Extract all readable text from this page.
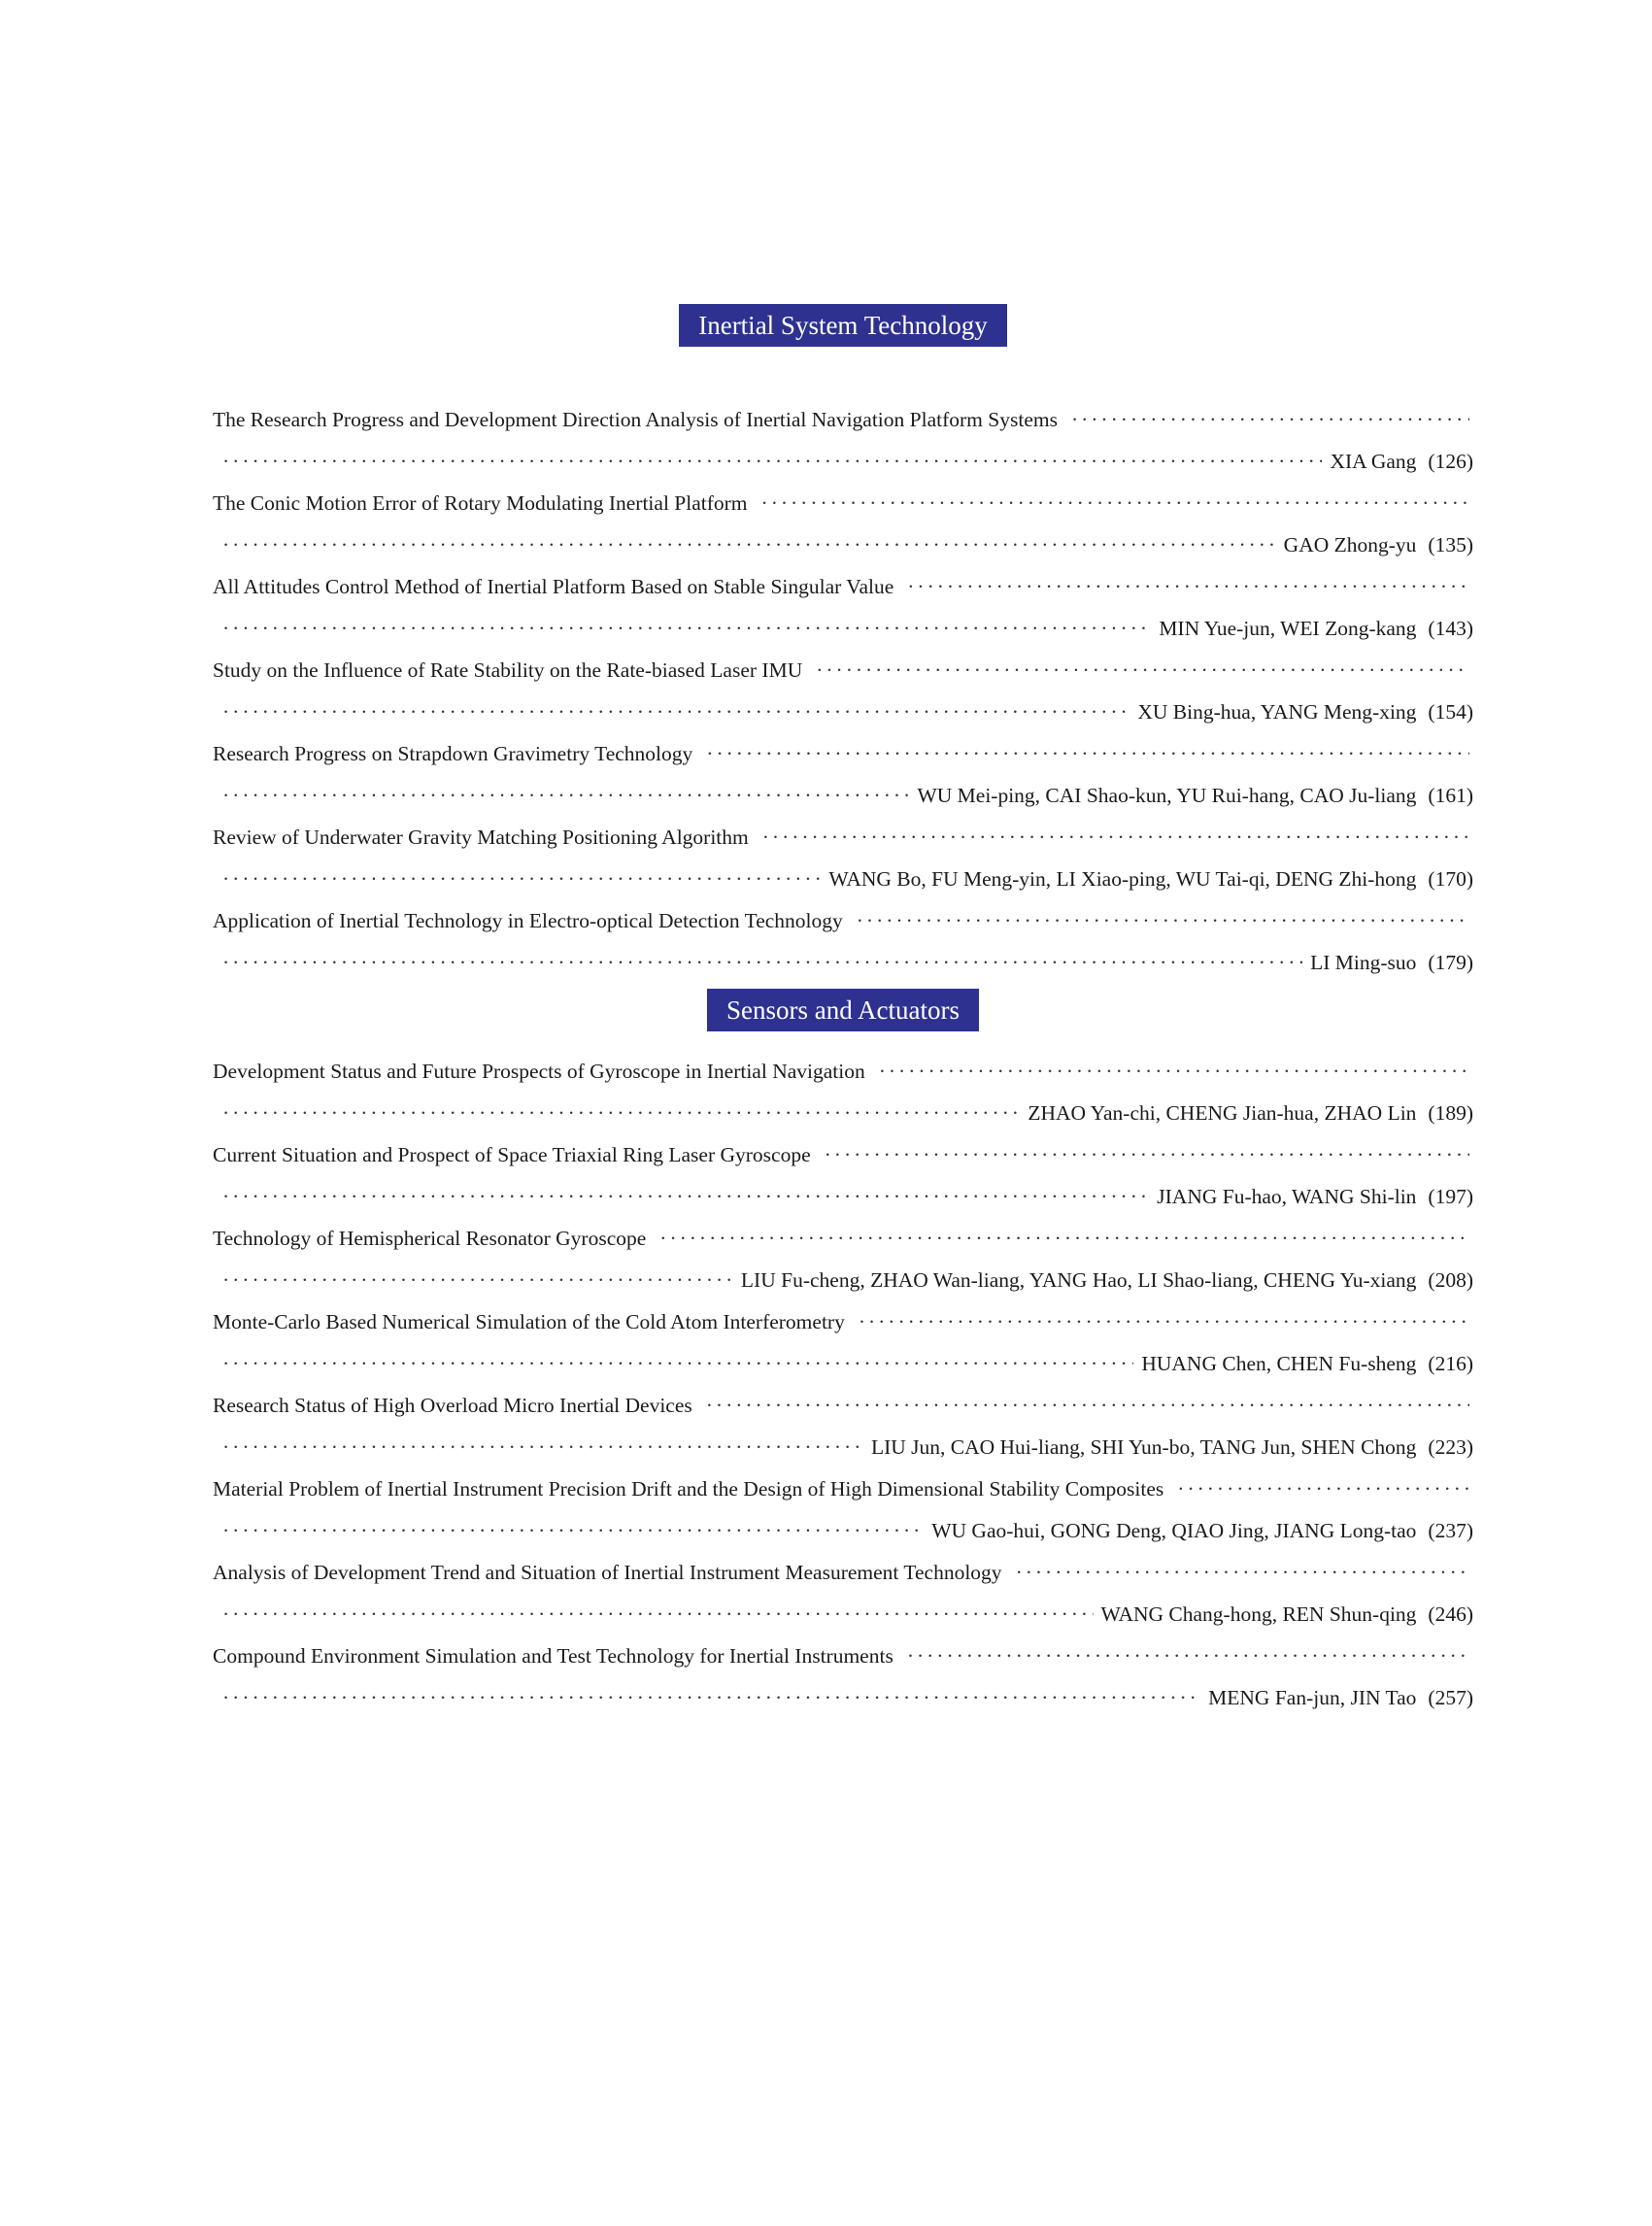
Inertial System Technology
The Research Progress and Development Direction Analysis of Inertial Navigation Platform Systems
·····
·····
XIA Gang (126)
The Conic Motion Error of Rotary Modulating Inertial Platform
·····
·····
GAO Zhong-yu (135)
All Attitudes Control Method of Inertial Platform Based on Stable Singular Value
·····
·····
MIN Yue-jun, WEI Zong-kang (143)
Study on the Influence of Rate Stability on the Rate-biased Laser IMU
·····
·····
XU Bing-hua, YANG Meng-xing (154)
Research Progress on Strapdown Gravimetry Technology
·····
·····
WU Mei-ping, CAI Shao-kun, YU Rui-hang, CAO Ju-liang (161)
Review of Underwater Gravity Matching Positioning Algorithm
·····
·····
WANG Bo, FU Meng-yin, LI Xiao-ping, WU Tai-qi, DENG Zhi-hong (170)
Application of Inertial Technology in Electro-optical Detection Technology
·····
·····
LI Ming-suo (179)
Sensors and Actuators
Development Status and Future Prospects of Gyroscope in Inertial Navigation
·····
·····
ZHAO Yan-chi, CHENG Jian-hua, ZHAO Lin (189)
Current Situation and Prospect of Space Triaxial Ring Laser Gyroscope
·····
·····
JIANG Fu-hao, WANG Shi-lin (197)
Technology of Hemispherical Resonator Gyroscope
·····
·····
LIU Fu-cheng, ZHAO Wan-liang, YANG Hao, LI Shao-liang, CHENG Yu-xiang (208)
Monte-Carlo Based Numerical Simulation of the Cold Atom Interferometry
·····
·····
HUANG Chen, CHEN Fu-sheng (216)
Research Status of High Overload Micro Inertial Devices
·····
·····
LIU Jun, CAO Hui-liang, SHI Yun-bo, TANG Jun, SHEN Chong (223)
Material Problem of Inertial Instrument Precision Drift and the Design of High Dimensional Stability Composites
·····
·····
WU Gao-hui, GONG Deng, QIAO Jing, JIANG Long-tao (237)
Analysis of Development Trend and Situation of Inertial Instrument Measurement Technology
·····
·····
WANG Chang-hong, REN Shun-qing (246)
Compound Environment Simulation and Test Technology for Inertial Instruments
·····
·····
MENG Fan-jun, JIN Tao (257)
